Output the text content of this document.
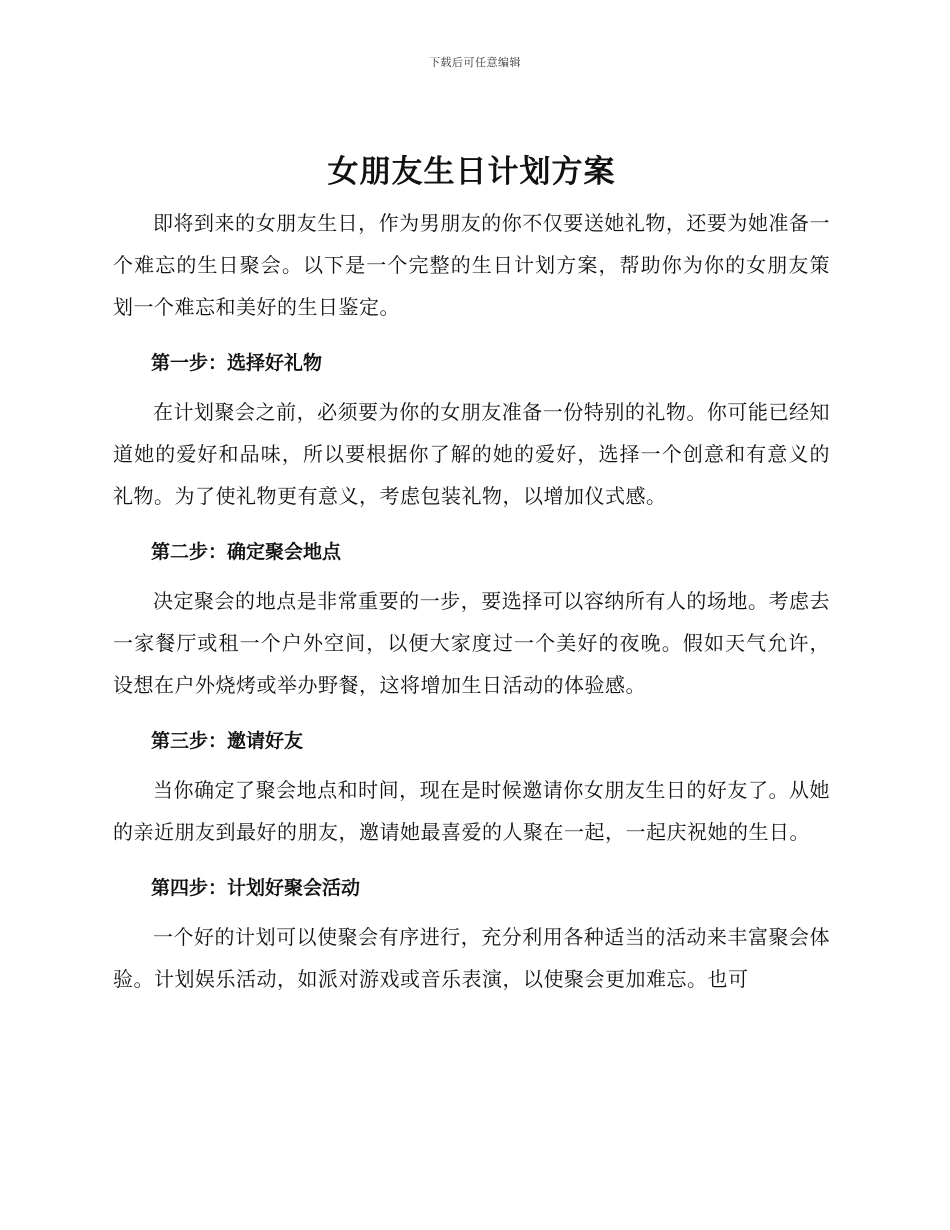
下载后可任意编辑
女朋友生日计划方案

即将到来的女朋友生日，作为男朋友的你不仅要送她礼物，还要为她准备一个难忘的生日聚会。以下是一个完整的生日计划方案，帮助你为你的女朋友策划一个难忘和美好的生日鉴定。

第一步：选择好礼物

在计划聚会之前，必须要为你的女朋友准备一份特别的礼物。你可能已经知道她的爱好和品味，所以要根据你了解的她的爱好，选择一个创意和有意义的礼物。为了使礼物更有意义，考虑包装礼物，以增加仪式感。

第二步：确定聚会地点

决定聚会的地点是非常重要的一步，要选择可以容纳所有人的场地。考虑去一家餐厅或租一个户外空间，以便大家度过一个美好的夜晚。假如天气允许，设想在户外烧烤或举办野餐，这将增加生日活动的体验感。

第三步：邀请好友

当你确定了聚会地点和时间，现在是时候邀请你女朋友生日的好友了。从她的亲近朋友到最好的朋友，邀请她最喜爱的人聚在一起，一起庆祝她的生日。

第四步：计划好聚会活动

一个好的计划可以使聚会有序进行，充分利用各种适当的活动来丰富聚会体验。计划娱乐活动，如派对游戏或音乐表演，以使聚会更加难忘。也可
